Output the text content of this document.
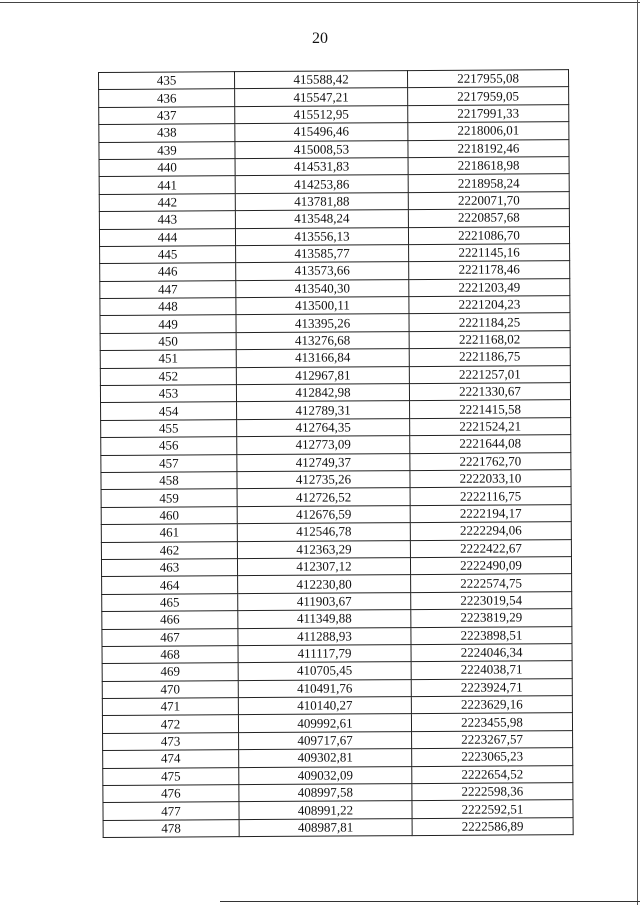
20
435	415588,42	2217955,08
436	415547,21	2217959,05
437	415512,95	2217991,33
438	415496,46	2218006,01
439	415008,53	2218192,46
440	414531,83	2218618,98
441	414253,86	2218958,24
442	413781,88	2220071,70
443	413548,24	2220857,68
444	413556,13	2221086,70
445	413585,77	2221145,16
446	413573,66	2221178,46
447	413540,30	2221203,49
448	413500,11	2221204,23
449	413395,26	2221184,25
450	413276,68	2221168,02
451	413166,84	2221186,75
452	412967,81	2221257,01
453	412842,98	2221330,67
454	412789,31	2221415,58
455	412764,35	2221524,21
456	412773,09	2221644,08
457	412749,37	2221762,70
458	412735,26	2222033,10
459	412726,52	2222116,75
460	412676,59	2222194,17
461	412546,78	2222294,06
462	412363,29	2222422,67
463	412307,12	2222490,09
464	412230,80	2222574,75
465	411903,67	2223019,54
466	411349,88	2223819,29
467	411288,93	2223898,51
468	411117,79	2224046,34
469	410705,45	2224038,71
470	410491,76	2223924,71
471	410140,27	2223629,16
472	409992,61	2223455,98
473	409717,67	2223267,57
474	409302,81	2223065,23
475	409032,09	2222654,52
476	408997,58	2222598,36
477	408991,22	2222592,51
478	408987,81	2222586,89
